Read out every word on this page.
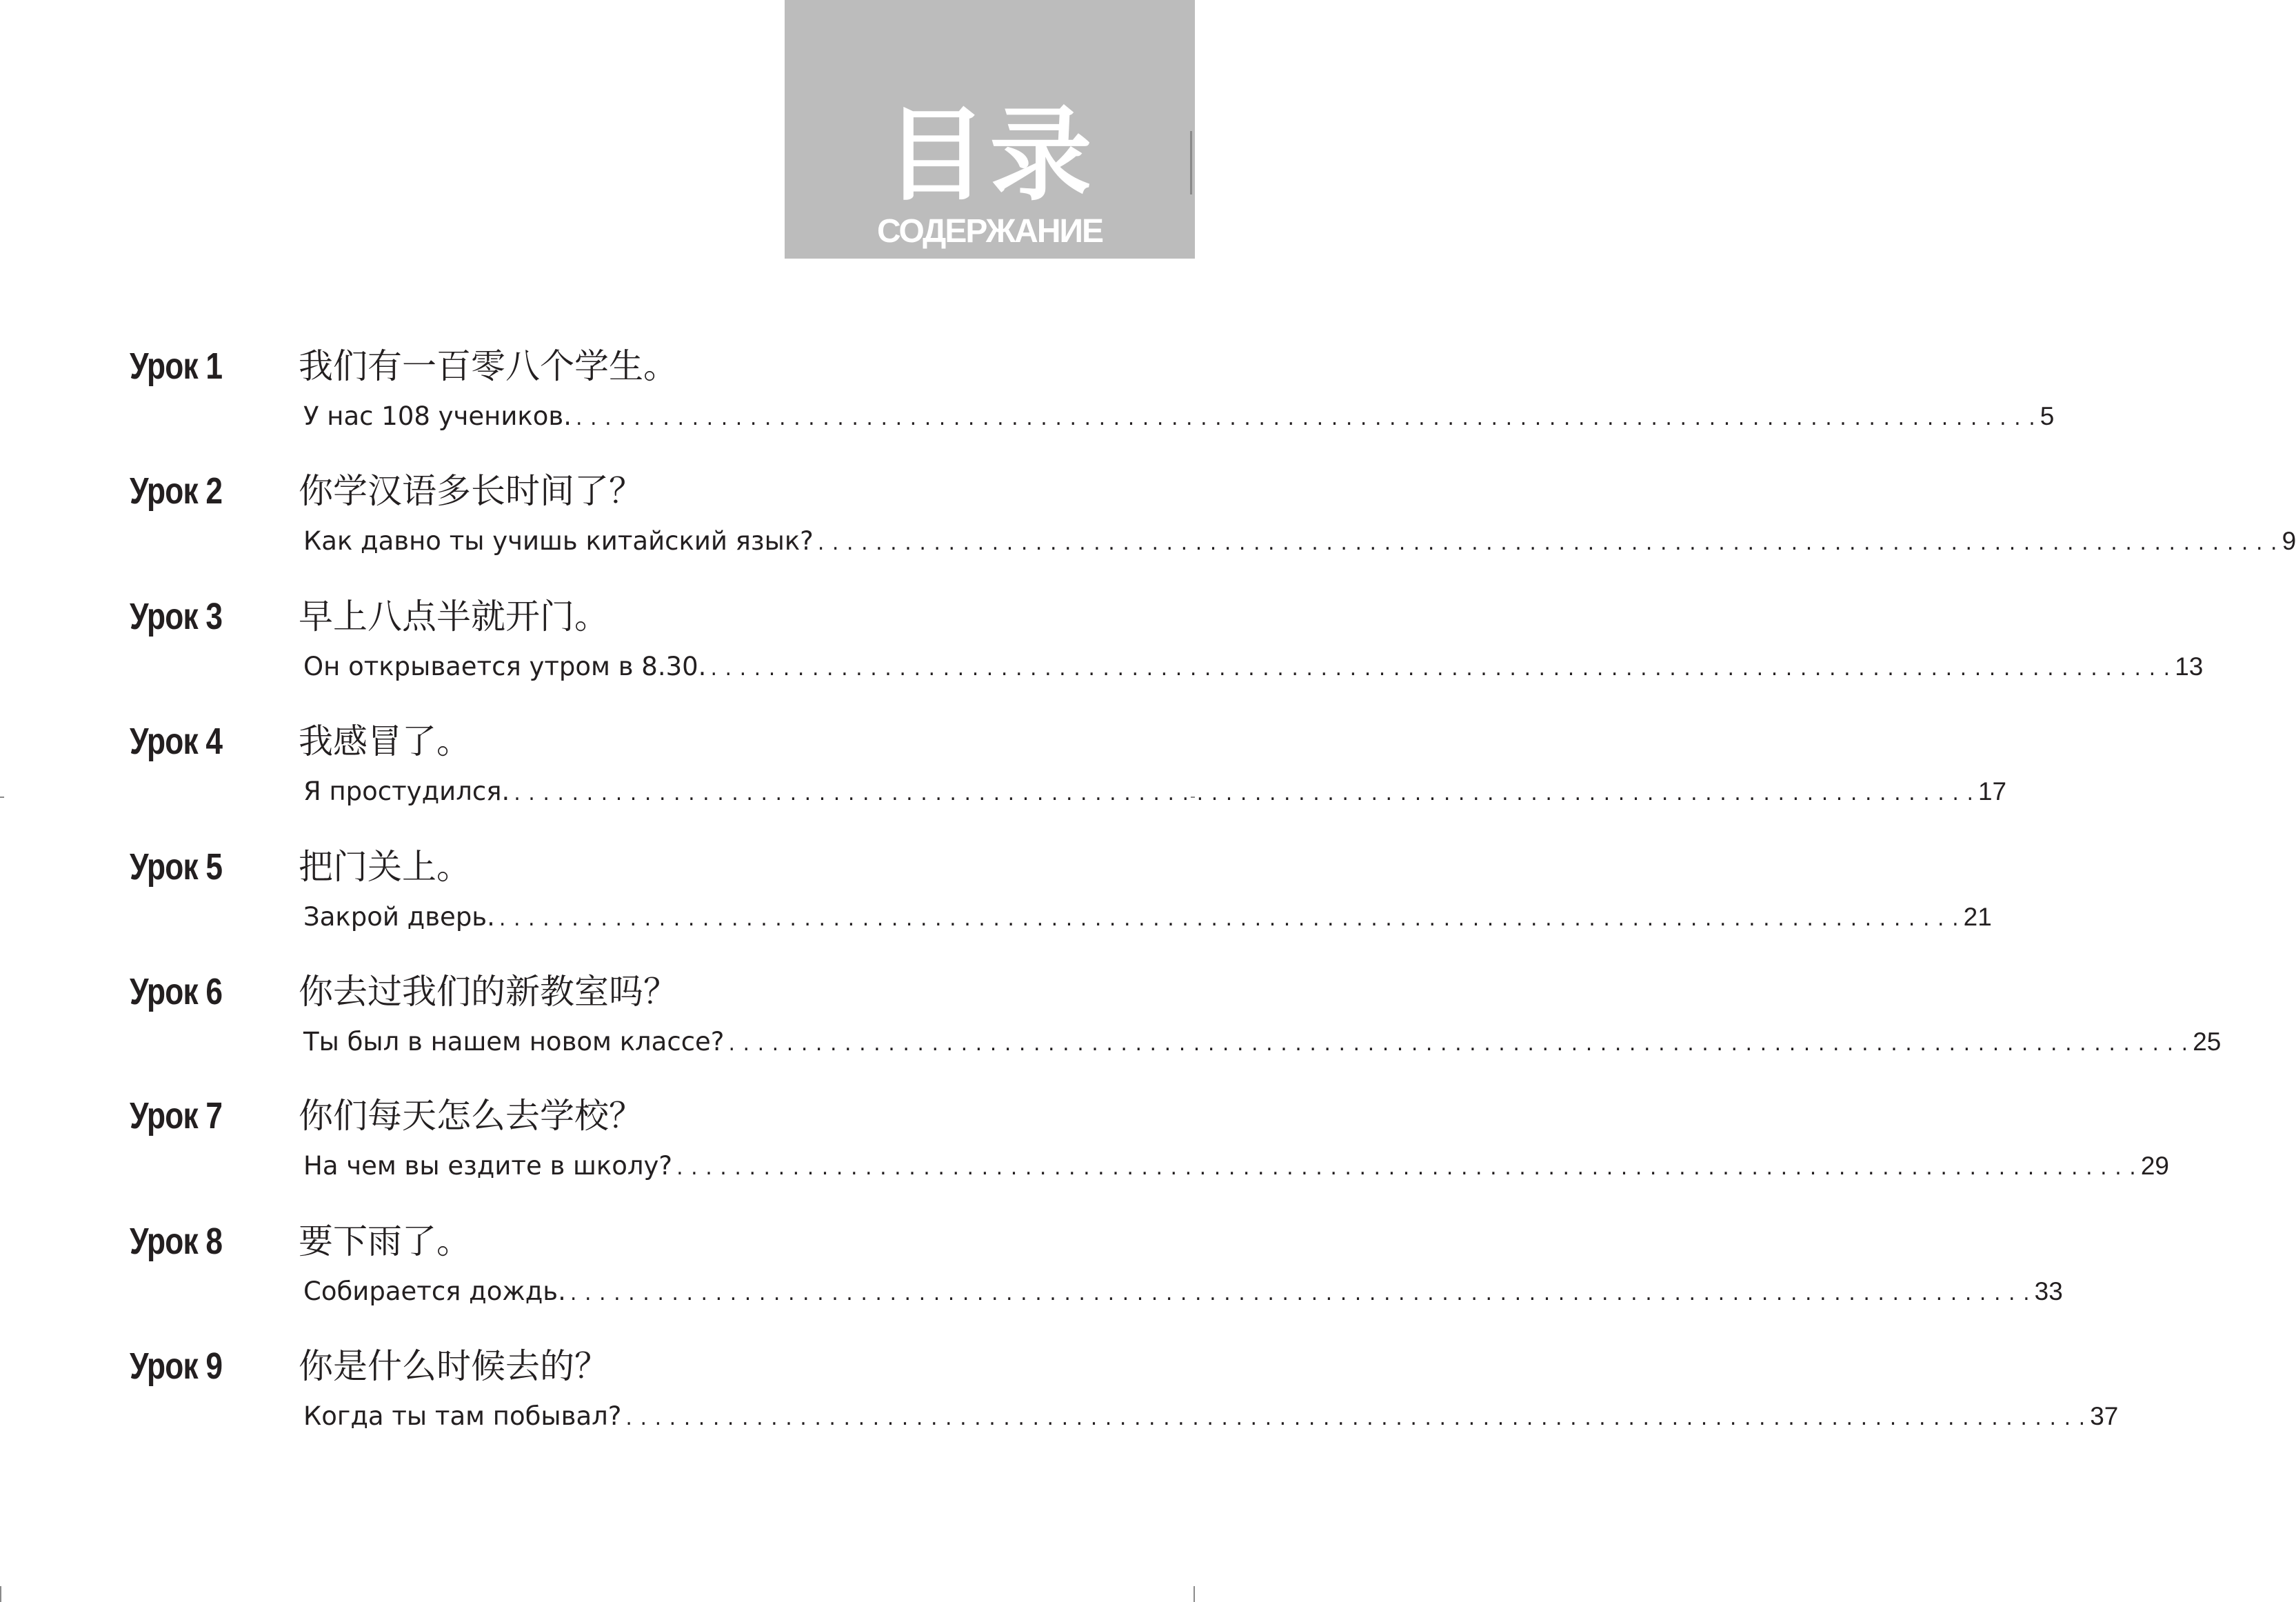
目录
СОДЕРЖАНИЕ
Урок 1 我们有一百零八个学生。
У нас 108 учеников. . . . . . . . . . . . . . . . . . . . . . . . . . . . . . . . . . . . . . . . . . . . . . . . . . . . . . . . . . . . . . . . . . . . . . . . . . . . . . . . . . . . . . . . . . . . . . . . . . . . . . 5
Урок 2 你学汉语多长时间了？
Как давно ты учишь китайский язык? . . . . . . . . . . . . . . . . . . . . . . . . . . . . . . . . . . . . . . . . . . . . . . . . . . . . . . . . . . . . . . . . . . . . . . . . . . . . . . . . . . . . . . . . . . . . . . . . . . . . . 9
Урок 3 早上八点半就开门。
Он открывается утром в 8.30. . . . . . . . . . . . . . . . . . . . . . . . . . . . . . . . . . . . . . . . . . . . . . . . . . . . . . . . . . . . . . . . . . . . . . . . . . . . . . . . . . . . . . . . . . . . . . . . . . . . . . 13
Урок 4 我感冒了。
Я простудился. . . . . . . . . . . . . . . . . . . . . . . . . . . . . . . . . . . . . . . . . . . . . . . . . . . . . . . . . . . . . . . . . . . . . . . . . . . . . . . . . . . . . . . . . . . . . . . . . . . . . . 17
Урок 5 把门关上。
Закрой дверь. . . . . . . . . . . . . . . . . . . . . . . . . . . . . . . . . . . . . . . . . . . . . . . . . . . . . . . . . . . . . . . . . . . . . . . . . . . . . . . . . . . . . . . . . . . . . . . . . . . . . . 21
Урок 6 你去过我们的新教室吗？
Ты был в нашем новом классе? . . . . . . . . . . . . . . . . . . . . . . . . . . . . . . . . . . . . . . . . . . . . . . . . . . . . . . . . . . . . . . . . . . . . . . . . . . . . . . . . . . . . . . . . . . . . . . . . . . . . . 25
Урок 7 你们每天怎么去学校？
На чем вы ездите в школу? . . . . . . . . . . . . . . . . . . . . . . . . . . . . . . . . . . . . . . . . . . . . . . . . . . . . . . . . . . . . . . . . . . . . . . . . . . . . . . . . . . . . . . . . . . . . . . . . . . . . . 29
Урок 8 要下雨了。
Собирается дождь. . . . . . . . . . . . . . . . . . . . . . . . . . . . . . . . . . . . . . . . . . . . . . . . . . . . . . . . . . . . . . . . . . . . . . . . . . . . . . . . . . . . . . . . . . . . . . . . . . . . . . 33
Урок 9 你是什么时候去的？
Когда ты там побывал? . . . . . . . . . . . . . . . . . . . . . . . . . . . . . . . . . . . . . . . . . . . . . . . . . . . . . . . . . . . . . . . . . . . . . . . . . . . . . . . . . . . . . . . . . . . . . . . . . . . . . 37
